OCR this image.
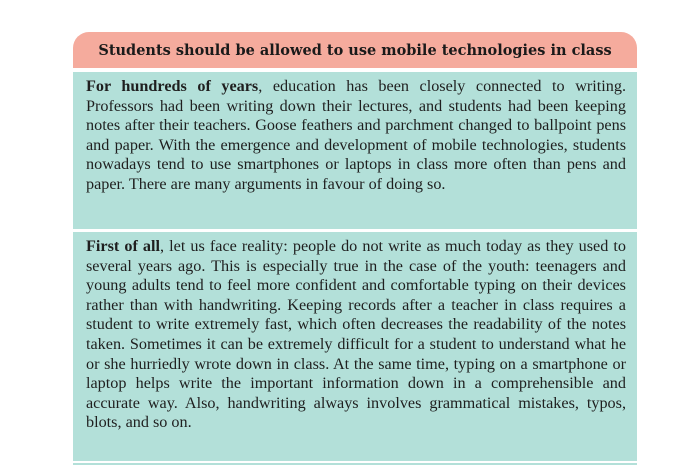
Students should be allowed to use mobile technologies in class
For hundreds of years, education has been closely connected to writing. Professors had been writing down their lectures, and students had been keeping notes after their teachers. Goose feathers and parchment changed to ballpoint pens and paper. With the emergence and development of mobile technologies, students nowadays tend to use smartphones or laptops in class more often than pens and paper. There are many arguments in favour of doing so.
First of all, let us face reality: people do not write as much today as they used to several years ago. This is especially true in the case of the youth: teenagers and young adults tend to feel more confident and comfortable typing on their devices rather than with handwriting. Keeping records after a teacher in class requires a student to write extremely fast, which often decreases the readability of the notes taken. Sometimes it can be extremely difficult for a student to understand what he or she hurriedly wrote down in class. At the same time, typing on a smartphone or laptop helps write the important information down in a comprehensible and accurate way. Also, handwriting always involves grammatical mistakes, typos, blots, and so on.
